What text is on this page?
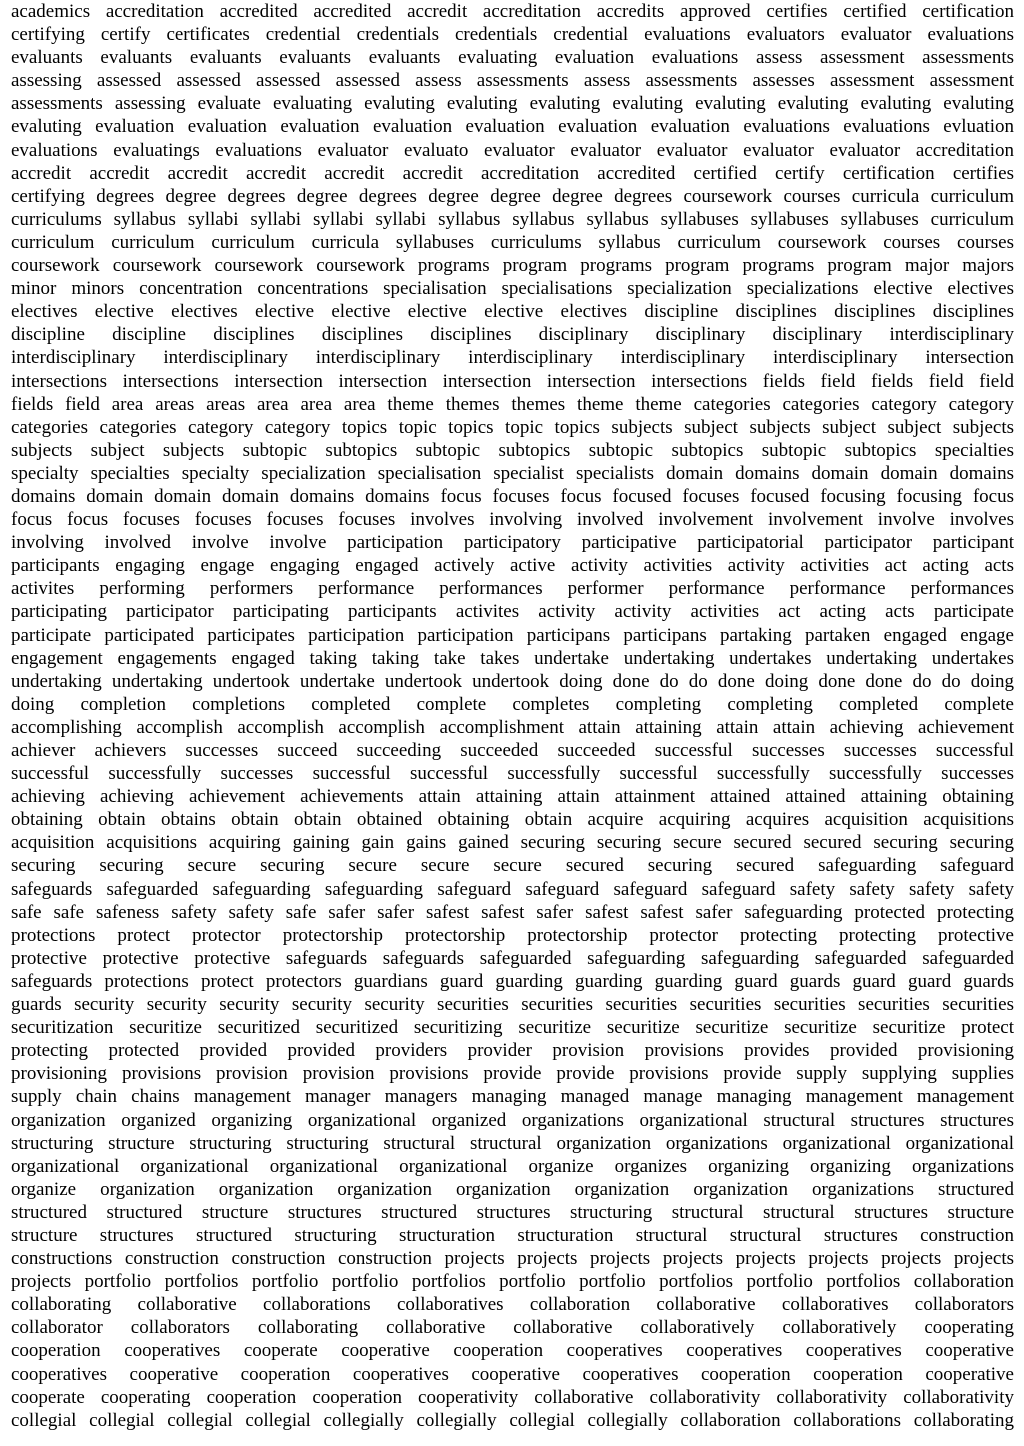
academics accreditation accredited accredited accredit accreditation accredits approved certifies certified certification
certifying certify certificates credential credentials credentials credential evaluations evaluators evaluator evaluations
evaluants evaluants evaluants evaluants evaluants evaluating evaluation evaluations assess assessment assessments
assessing assessed assessed assessed assessed assess assessments assess assessments assesses assessment assessment
assessments assessing evaluate evaluating evaluting evaluting evaluting evaluting evaluting evaluting evaluting evaluting
evaluting evaluation evaluation evaluation evaluation evaluation evaluation evaluation evaluations evaluations evluation
evaluations evaluatings evaluations evaluator evaluato evaluator evaluator evaluator evaluator evaluator accreditation
accredit accredit accredit accredit accredit accredit accreditation accredited certified certify certification certifies
certifying degrees degree degrees degree degrees degree degree degree degrees coursework courses curricula curriculum
curriculums syllabus syllabi syllabi syllabi syllabi syllabus syllabus syllabus syllabuses syllabuses syllabuses curriculum
curriculum curriculum curriculum curricula syllabuses curriculums syllabus curriculum coursework courses courses
coursework coursework coursework coursework programs program programs program programs program major majors
minor minors concentration concentrations specialisation specialisations specialization specializations elective electives
electives elective electives elective elective elective elective electives discipline disciplines disciplines disciplines
discipline discipline disciplines disciplines disciplines disciplinary disciplinary disciplinary interdisciplinary
interdisciplinary interdisciplinary interdisciplinary interdisciplinary interdisciplinary interdisciplinary intersection
intersections intersections intersection intersection intersection intersection intersections fields field fields field field
fields field area areas areas area area area theme themes themes theme theme categories categories category category
categories categories category category topics topic topics topic topics subjects subject subjects subject subject subjects
subjects subject subjects subtopic subtopics subtopic subtopics subtopic subtopics subtopic subtopics specialties
specialty specialties specialty specialization specialisation specialist specialists domain domains domain domain domains
domains domain domain domain domains domains focus focuses focus focused focuses focused focusing focusing focus
focus focus focuses focuses focuses focuses involves involving involved involvement involvement involve involves
involving involved involve involve participation participatory participative participatorial participator participant
participants engaging engage engaging engaged actively active activity activities activity activities act acting acts
activites performing performers performance performances performer performance performance performances
participating participator participating participants activites activity activity activities act acting acts participate
participate participated participates participation participation participans participans partaking partaken engaged engage
engagement engagements engaged taking taking take takes undertake undertaking undertakes undertaking undertakes
undertaking undertaking undertook undertake undertook undertook doing done do do done doing done done do do doing
doing completion completions completed complete completes completing completing completed complete
accomplishing accomplish accomplish accomplish accomplishment attain attaining attain attain achieving achievement
achiever achievers successes succeed succeeding succeeded succeeded successful successes successes successful
successful successfully successes successful successful successfully successful successfully successfully successes
achieving achieving achievement achievements attain attaining attain attainment attained attained attaining obtaining
obtaining obtain obtains obtain obtain obtained obtaining obtain acquire acquiring acquires acquisition acquisitions
acquisition acquisitions acquiring gaining gain gains gained securing securing secure secured secured securing securing
securing securing secure securing secure secure secure secured securing secured safeguarding safeguard
safeguards safeguarded safeguarding safeguarding safeguard safeguard safeguard safeguard safety safety safety safety
safe safe safeness safety safety safe safer safer safest safest safer safest safest safer safeguarding protected protecting
protections protect protector protectorship protectorship protectorship protector protecting protecting protective
protective protective protective safeguards safeguards safeguarded safeguarding safeguarding safeguarded safeguarded
safeguards protections protect protectors guardians guard guarding guarding guarding guard guards guard guard guards
guards security security security security security securities securities securities securities securities securities securities
securitization securitize securitized securitized securitizing securitize securitize securitize securitize securitize protect
protecting protected provided provided providers provider provision provisions provides provided provisioning
provisioning provisions provision provision provisions provide provide provisions provide supply supplying supplies
supply chain chains management manager managers managing managed manage managing management management
organization organized organizing organizational organized organizations organizational structural structures structures
structuring structure structuring structuring structural structural organization organizations organizational organizational
organizational organizational organizational organizational organize organizes organizing organizing organizations
organize organization organization organization organization organization organization organizations structured
structured structured structure structures structured structures structuring structural structural structures structure
structure structures structured structuring structuration structuration structural structural structures construction
constructions construction construction construction projects projects projects projects projects projects projects projects
projects portfolio portfolios portfolio portfolio portfolios portfolio portfolio portfolios portfolio portfolios collaboration
collaborating collaborative collaborations collaboratives collaboration collaborative collaboratives collaborators
collaborator collaborators collaborating collaborative collaborative collaboratively collaboratively cooperating
cooperation cooperatives cooperate cooperative cooperation cooperatives cooperatives cooperatives cooperative
cooperatives cooperative cooperation cooperatives cooperative cooperatives cooperation cooperation cooperative
cooperate cooperating cooperation cooperation cooperativity collaborative collaborativity collaborativity collaborativity
collegial collegial collegial collegial collegially collegially collegial collegially collaboration collaborations collaborating
